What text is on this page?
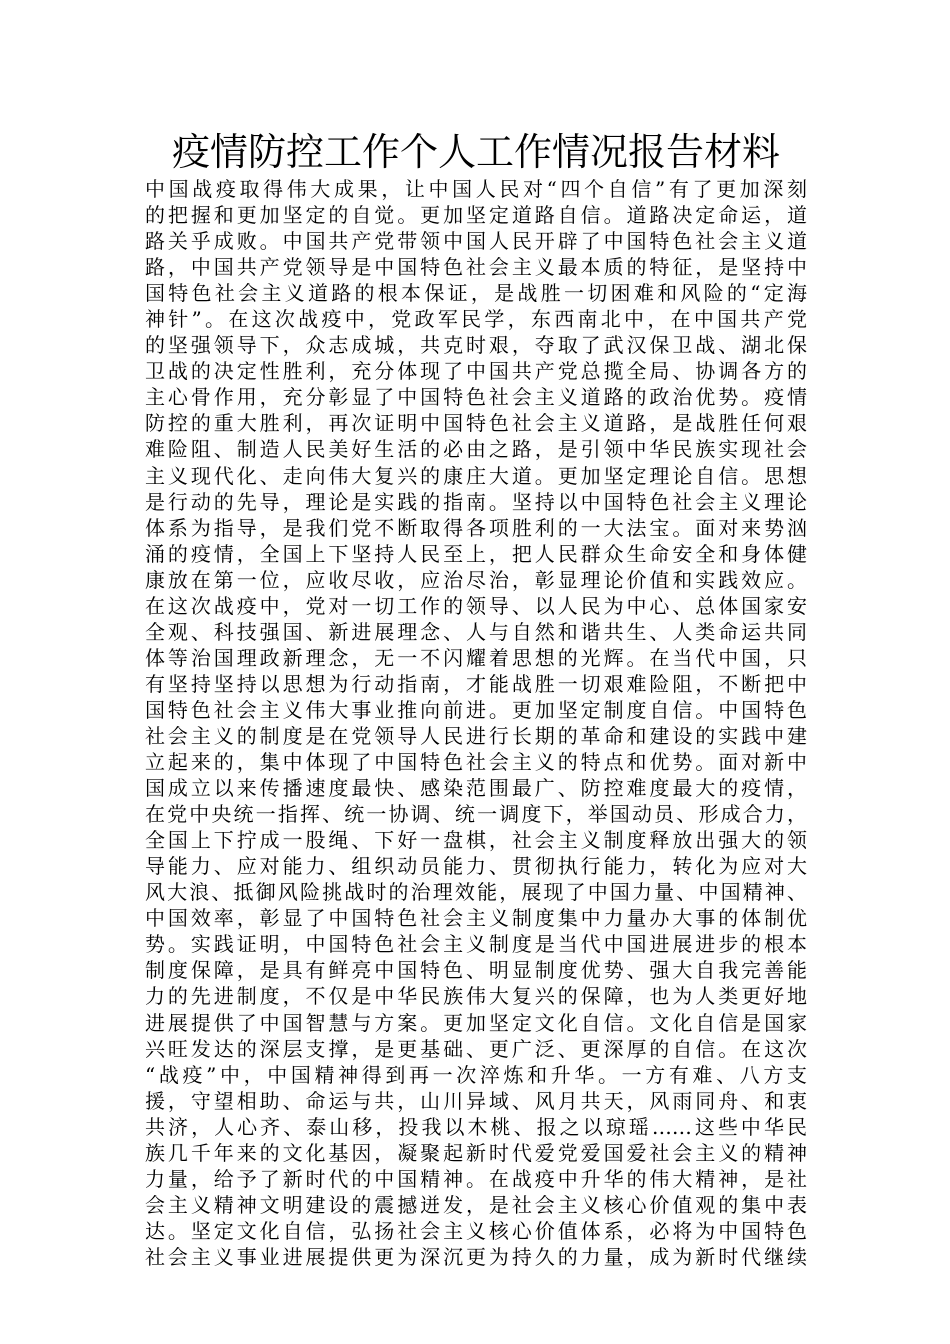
疫情防控工作个人工作情况报告材料
中国战疫取得伟大成果，让中国人民对“四个自信”有了更加深刻
的把握和更加坚定的自觉。更加坚定道路自信。道路决定命运，道
路关乎成败。中国共产党带领中国人民开辟了中国特色社会主义道
路，中国共产党领导是中国特色社会主义最本质的特征，是坚持中
国特色社会主义道路的根本保证，是战胜一切困难和风险的“定海
神针”。在这次战疫中，党政军民学，东西南北中，在中国共产党
的坚强领导下，众志成城，共克时艰，夺取了武汉保卫战、湖北保
卫战的决定性胜利，充分体现了中国共产党总揽全局、协调各方的
主心骨作用，充分彰显了中国特色社会主义道路的政治优势。疫情
防控的重大胜利，再次证明中国特色社会主义道路，是战胜任何艰
难险阻、制造人民美好生活的必由之路，是引领中华民族实现社会
主义现代化、走向伟大复兴的康庄大道。更加坚定理论自信。思想
是行动的先导，理论是实践的指南。坚持以中国特色社会主义理论
体系为指导，是我们党不断取得各项胜利的一大法宝。面对来势汹
涌的疫情，全国上下坚持人民至上，把人民群众生命安全和身体健
康放在第一位，应收尽收，应治尽治，彰显理论价值和实践效应。
在这次战疫中，党对一切工作的领导、以人民为中心、总体国家安
全观、科技强国、新进展理念、人与自然和谐共生、人类命运共同
体等治国理政新理念，无一不闪耀着思想的光辉。在当代中国，只
有坚持坚持以思想为行动指南，才能战胜一切艰难险阻，不断把中
国特色社会主义伟大事业推向前进。更加坚定制度自信。中国特色
社会主义的制度是在党领导人民进行长期的革命和建设的实践中建
立起来的，集中体现了中国特色社会主义的特点和优势。面对新中
国成立以来传播速度最快、感染范围最广、防控难度最大的疫情，
在党中央统一指挥、统一协调、统一调度下，举国动员、形成合力，
全国上下拧成一股绳、下好一盘棋，社会主义制度释放出强大的领
导能力、应对能力、组织动员能力、贯彻执行能力，转化为应对大
风大浪、抵御风险挑战时的治理效能，展现了中国力量、中国精神、
中国效率，彰显了中国特色社会主义制度集中力量办大事的体制优
势。实践证明，中国特色社会主义制度是当代中国进展进步的根本
制度保障，是具有鲜亮中国特色、明显制度优势、强大自我完善能
力的先进制度，不仅是中华民族伟大复兴的保障，也为人类更好地
进展提供了中国智慧与方案。更加坚定文化自信。文化自信是国家
兴旺发达的深层支撑，是更基础、更广泛、更深厚的自信。在这次
“战疫”中，中国精神得到再一次淬炼和升华。一方有难、八方支
援，守望相助、命运与共，山川异域、风月共天，风雨同舟、和衷
共济，人心齐、泰山移，投我以木桃、报之以琼瑶……这些中华民
族几千年来的文化基因，凝聚起新时代爱党爱国爱社会主义的精神
力量，给予了新时代的中国精神。在战疫中升华的伟大精神，是社
会主义精神文明建设的震撼迸发，是社会主义核心价值观的集中表
达。坚定文化自信，弘扬社会主义核心价值体系，必将为中国特色
社会主义事业进展提供更为深沉更为持久的力量，成为新时代继续
